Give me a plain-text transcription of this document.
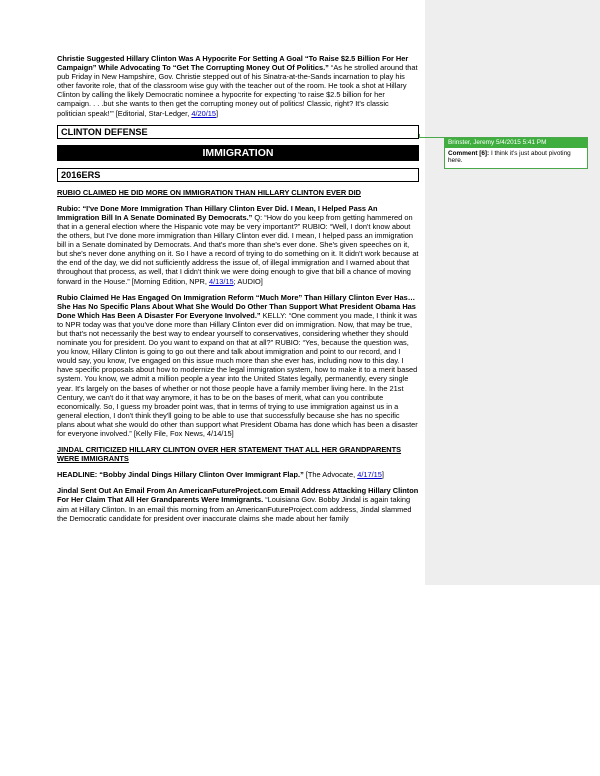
Christie Suggested Hillary Clinton Was A Hypocrite For Setting A Goal “To Raise $2.5 Billion For Her Campaign” While Advocating To “Get The Corrupting Money Out Of Politics.” “As he strolled around that pub Friday in New Hampshire, Gov. Christie stepped out of his Sinatra-at-the-Sands incarnation to play his other favorite role, that of the classroom wise guy with the teacher out of the room. He took a shot at Hillary Clinton by calling the likely Democratic nominee a hypocrite for expecting ‘to raise $2.5 billion for her campaign. . . .but she wants to then get the corrupting money out of politics! Classic, right? It's classic politician speak!’” [Editorial, Star-Ledger, 4/20/15]

CLINTON DEFENSE
IMMIGRATION
2016ERS

RUBIO CLAIMED HE DID MORE ON IMMIGRATION THAN HILLARY CLINTON EVER DID

Rubio: “I've Done More Immigration Than Hillary Clinton Ever Did. I Mean, I Helped Pass An Immigration Bill In A Senate Dominated By Democrats.” Q: “How do you keep from getting hammered on that in a general election where the Hispanic vote may be very important?” RUBIO: “Well, I don't know about the others, but I've done more immigration than Hillary Clinton ever did. I mean, I helped pass an immigration bill in a Senate dominated by Democrats. And that's more than she's ever done. She's given speeches on it, but she's never done anything on it. So I have a record of trying to do something on it. It didn't work because at the end of the day, we did not sufficiently address the issue of, of illegal immigration and I warned about that throughout that process, as well, that I didn't think we were doing enough to give that bill a chance of moving forward in the House.” [Morning Edition, NPR, 4/13/15; AUDIO]

Rubio Claimed He Has Engaged On Immigration Reform “Much More” Than Hillary Clinton Ever Has… She Has No Specific Plans About What She Would Do Other Than Support What President Obama Has Done Which Has Been A Disaster For Everyone Involved.” KELLY: “One comment you made, I think it was to NPR today was that you've done more than Hillary Clinton ever did on immigration. Now, that may be true, but that's not necessarily the best way to endear yourself to conservatives, considering whether they should nominate you for president. Do you want to expand on that at all?” RUBIO: “Yes, because the question was, you know, Hillary Clinton is going to go out there and talk about immigration and point to our record, and I would say, you know, I've engaged on this issue much more than she ever has, including now to this day. I have specific proposals about how to modernize the legal immigration system, how to make it to a merit based system. You know, we admit a million people a year into the United States legally, permanently, every single year. It's largely on the bases of whether or not those people have a family member living here. In the 21st Century, we can't do it that way anymore, it has to be on the bases of merit, what can you contribute economically. So, I guess my broader point was, that in terms of trying to use immigration against us in a general election, I don't think they'll going to be able to use that successfully because she has no specific plans about what she would do other than support what President Obama has done which has been a disaster for everyone involved.” [Kelly File, Fox News, 4/14/15]

JINDAL CRITICIZED HILLARY CLINTON OVER HER STATEMENT THAT ALL HER GRANDPARENTS WERE IMMIGRANTS

HEADLINE: “Bobby Jindal Dings Hillary Clinton Over Immigrant Flap.” [The Advocate, 4/17/15]

Jindal Sent Out An Email From An AmericanFutureProject.com Email Address Attacking Hillary Clinton For Her Claim That All Her Grandparents Were Immigrants. “Louisiana Gov. Bobby Jindal is again taking aim at Hillary Clinton. In an email this morning from an AmericanFutureProject.com address, Jindal slammed the Democratic candidate for president over inaccurate claims she made about her family

Brinster, Jeremy 5/4/2015 5:41 PM
Comment [6]: I think it's just about pivoting here.
